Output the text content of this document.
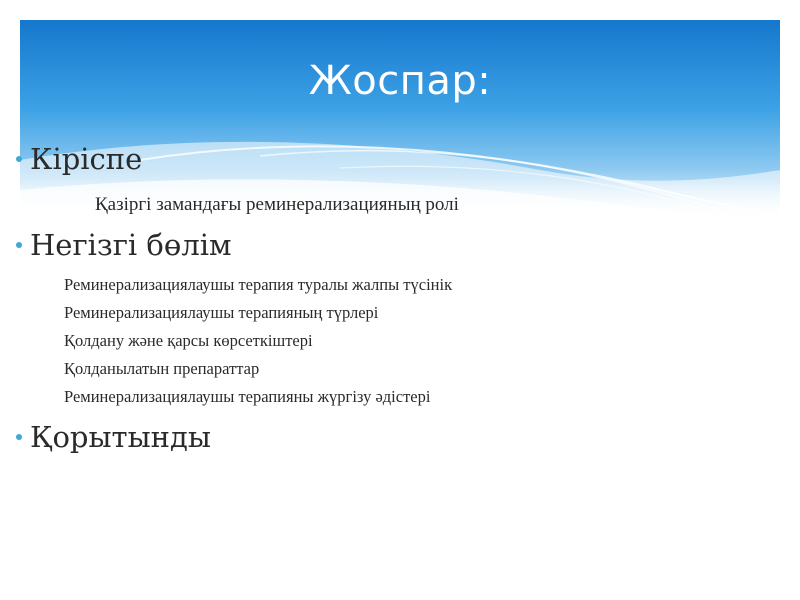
Жоспар:
Кіріспе
Қазіргі замандағы реминерализацияның ролі
Негізгі бөлім
Реминерализациялаушы терапия туралы жалпы түсінік
Реминерализациялаушы терапияның түрлері
Қолдану және қарсы көрсеткіштері
Қолданылатын препараттар
Реминерализациялаушы терапияны жүргізу әдістері
Қорытынды
